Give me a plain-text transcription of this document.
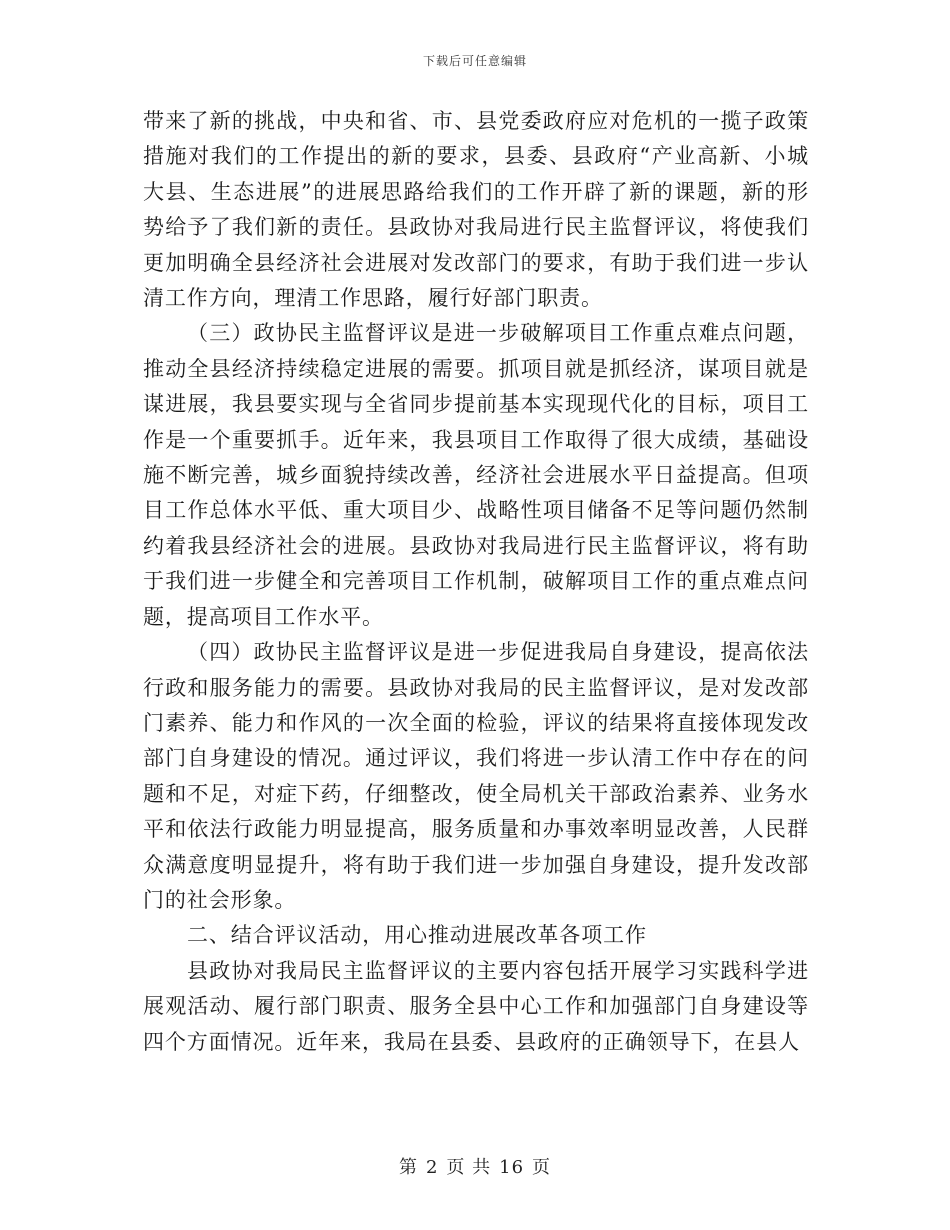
下载后可任意编辑

带来了新的挑战，中央和省、市、县党委政府应对危机的一揽子政策措施对我们的工作提出的新的要求，县委、县政府“产业高新、小城大县、生态进展”的进展思路给我们的工作开辟了新的课题，新的形势给予了我们新的责任。县政协对我局进行民主监督评议，将使我们更加明确全县经济社会进展对发改部门的要求，有助于我们进一步认清工作方向，理清工作思路，履行好部门职责。

（三）政协民主监督评议是进一步破解项目工作重点难点问题，推动全县经济持续稳定进展的需要。抓项目就是抓经济，谋项目就是谋进展，我县要实现与全省同步提前基本实现现代化的目标，项目工作是一个重要抓手。近年来，我县项目工作取得了很大成绩，基础设施不断完善，城乡面貌持续改善，经济社会进展水平日益提高。但项目工作总体水平低、重大项目少、战略性项目储备不足等问题仍然制约着我县经济社会的进展。县政协对我局进行民主监督评议，将有助于我们进一步健全和完善项目工作机制，破解项目工作的重点难点问题，提高项目工作水平。

（四）政协民主监督评议是进一步促进我局自身建设，提高依法行政和服务能力的需要。县政协对我局的民主监督评议，是对发改部门素养、能力和作风的一次全面的检验，评议的结果将直接体现发改部门自身建设的情况。通过评议，我们将进一步认清工作中存在的问题和不足，对症下药，仔细整改，使全局机关干部政治素养、业务水平和依法行政能力明显提高，服务质量和办事效率明显改善，人民群众满意度明显提升，将有助于我们进一步加强自身建设，提升发改部门的社会形象。

二、结合评议活动，用心推动进展改革各项工作

县政协对我局民主监督评议的主要内容包括开展学习实践科学进展观活动、履行部门职责、服务全县中心工作和加强部门自身建设等四个方面情况。近年来，我局在县委、县政府的正确领导下，在县人

第 2 页 共 16 页
